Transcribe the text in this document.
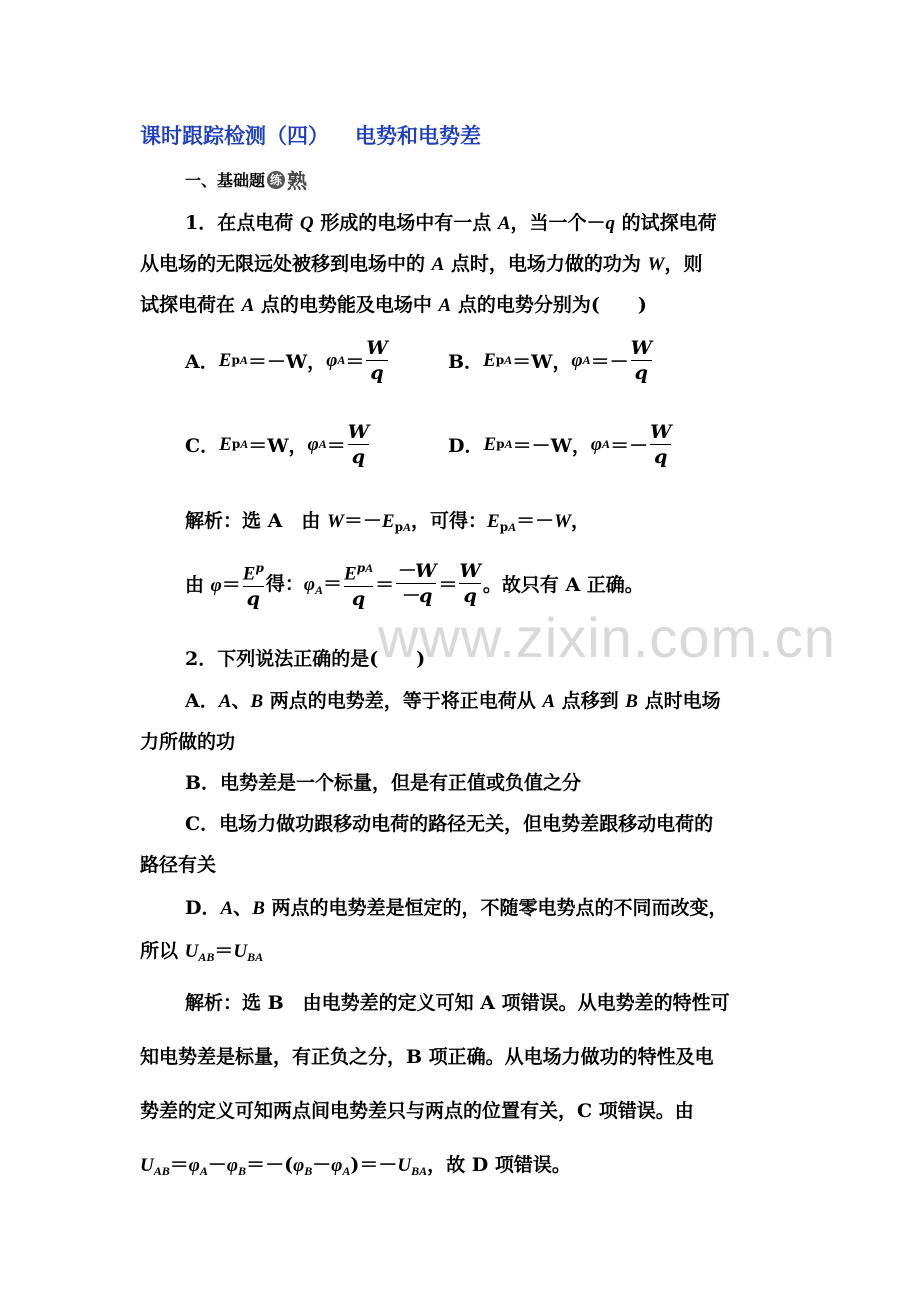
课时跟踪检测（四） 电势和电势差
一、基础题 练 熟
1．在点电荷 Q 形成的电场中有一点 A，当一个－q 的试探电荷
从电场的无限远处被移到电场中的 A 点时，电场力做的功为 W，则
试探电荷在 A 点的电势能及电场中 A 点的电势分别为(　　)
A． E pA ＝－W， φ $A = \frac{W}{q}$	B． E pA ＝W， φ $A =- \frac{W}{q}$
C． E pA ＝W， φ $A = \frac{W}{q}$	D． E pA ＝－W， φ $A =- \frac{W}{q}$
解析：选 A　由 $W=-E_{pA}$，可得：$E_{pA}=-W$，
由 $\varphi= \frac{E^p}{q}$ 得：$\varphi_A= \frac{E^{pA}}{q} = \frac{-W}{-q} = \frac{W}{q}$ 。故只有 A 正确。
www.zixin.com.cn
2．下列说法正确的是(　　)
A．A、B 两点的电势差，等于将正电荷从 A 点移到 B 点时电场
力所做的功
B．电势差是一个标量，但是有正值或负值之分
C．电场力做功跟移动电荷的路径无关，但电势差跟移动电荷的
路径有关
D．A、B 两点的电势差是恒定的，不随零电势点的不同而改变，
所以 $U_{AB}=U_{BA}$
解析：选 B　由电势差的定义可知 A 项错误。从电势差的特性可
知电势差是标量，有正负之分，B 项正确。从电场力做功的特性及电
势差的定义可知两点间电势差只与两点的位置有关，C 项错误。由
$U_{AB}=\varphi_A-\varphi_B=-(\varphi_B-\varphi_A)=-U_{BA}$，故 D 项错误。
